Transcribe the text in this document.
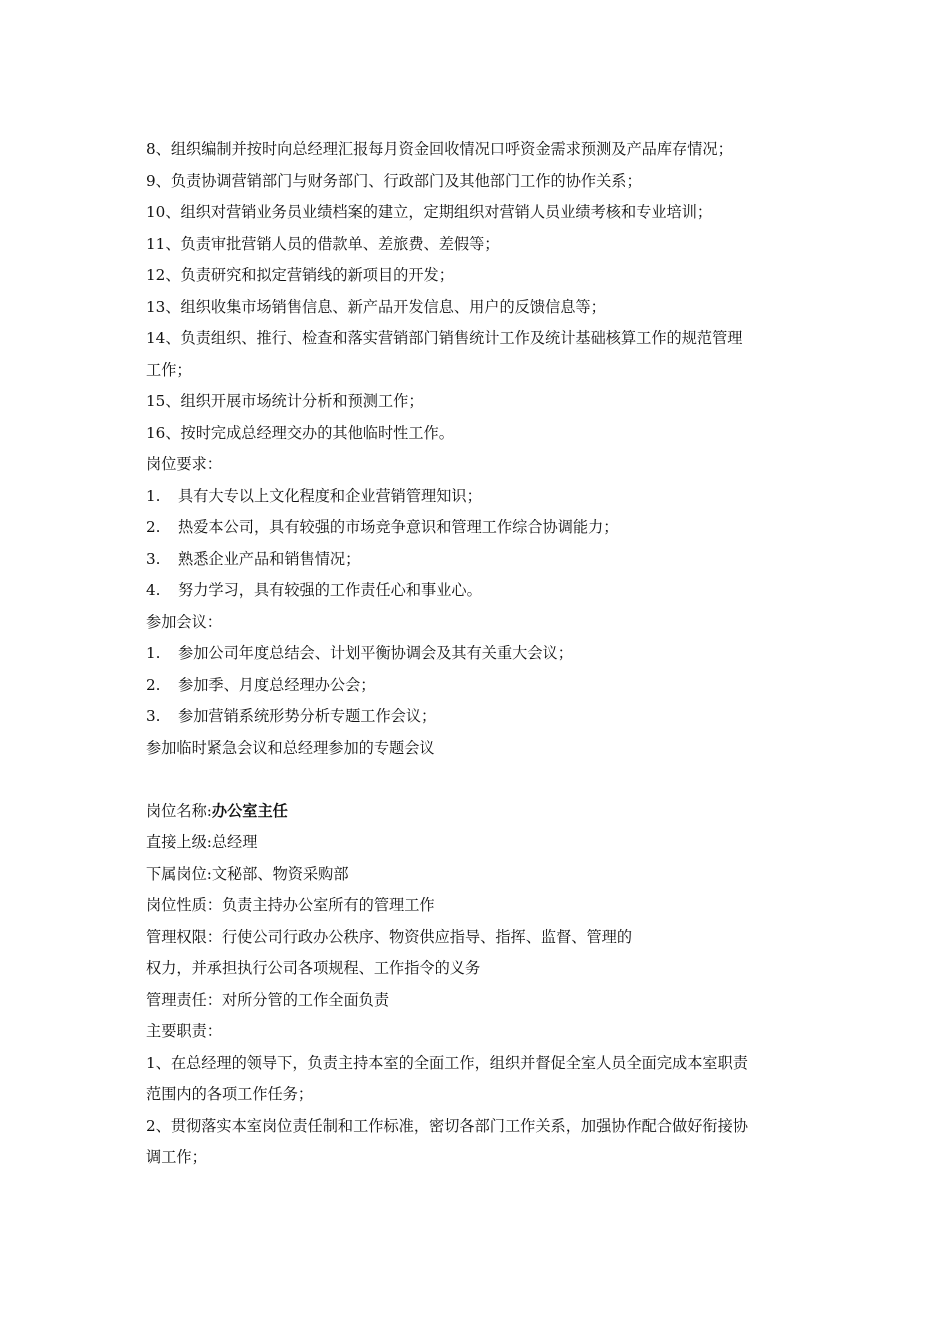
8、组织编制并按时向总经理汇报每月资金回收情况口呼资金需求预测及产品库存情况；
9、负责协调营销部门与财务部门、行政部门及其他部门工作的协作关系；
10、组织对营销业务员业绩档案的建立，定期组织对营销人员业绩考核和专业培训；
11、负责审批营销人员的借款单、差旅费、差假等；
12、负责研究和拟定营销线的新项目的开发；
13、组织收集市场销售信息、新产品开发信息、用户的反馈信息等；
14、负责组织、推行、检查和落实营销部门销售统计工作及统计基础核算工作的规范管理
工作；
15、组织开展市场统计分析和预测工作；
16、按时完成总经理交办的其他临时性工作。
岗位要求：
1. 具有大专以上文化程度和企业营销管理知识；
2. 热爱本公司，具有较强的市场竞争意识和管理工作综合协调能力；
3. 熟悉企业产品和销售情况；
4. 努力学习，具有较强的工作责任心和事业心。
参加会议：
1. 参加公司年度总结会、计划平衡协调会及其有关重大会议；
2. 参加季、月度总经理办公会；
3. 参加营销系统形势分析专题工作会议；
参加临时紧急会议和总经理参加的专题会议
岗位名称:办公室主任
直接上级:总经理
下属岗位:文秘部、物资采购部
岗位性质：负责主持办公室所有的管理工作
管理权限：行使公司行政办公秩序、物资供应指导、指挥、监督、管理的
权力，并承担执行公司各项规程、工作指令的义务
管理责任：对所分管的工作全面负责
主要职责：
1、在总经理的领导下，负责主持本室的全面工作，组织并督促全室人员全面完成本室职责
范围内的各项工作任务；
2、贯彻落实本室岗位责任制和工作标准，密切各部门工作关系，加强协作配合做好衔接协
调工作；
